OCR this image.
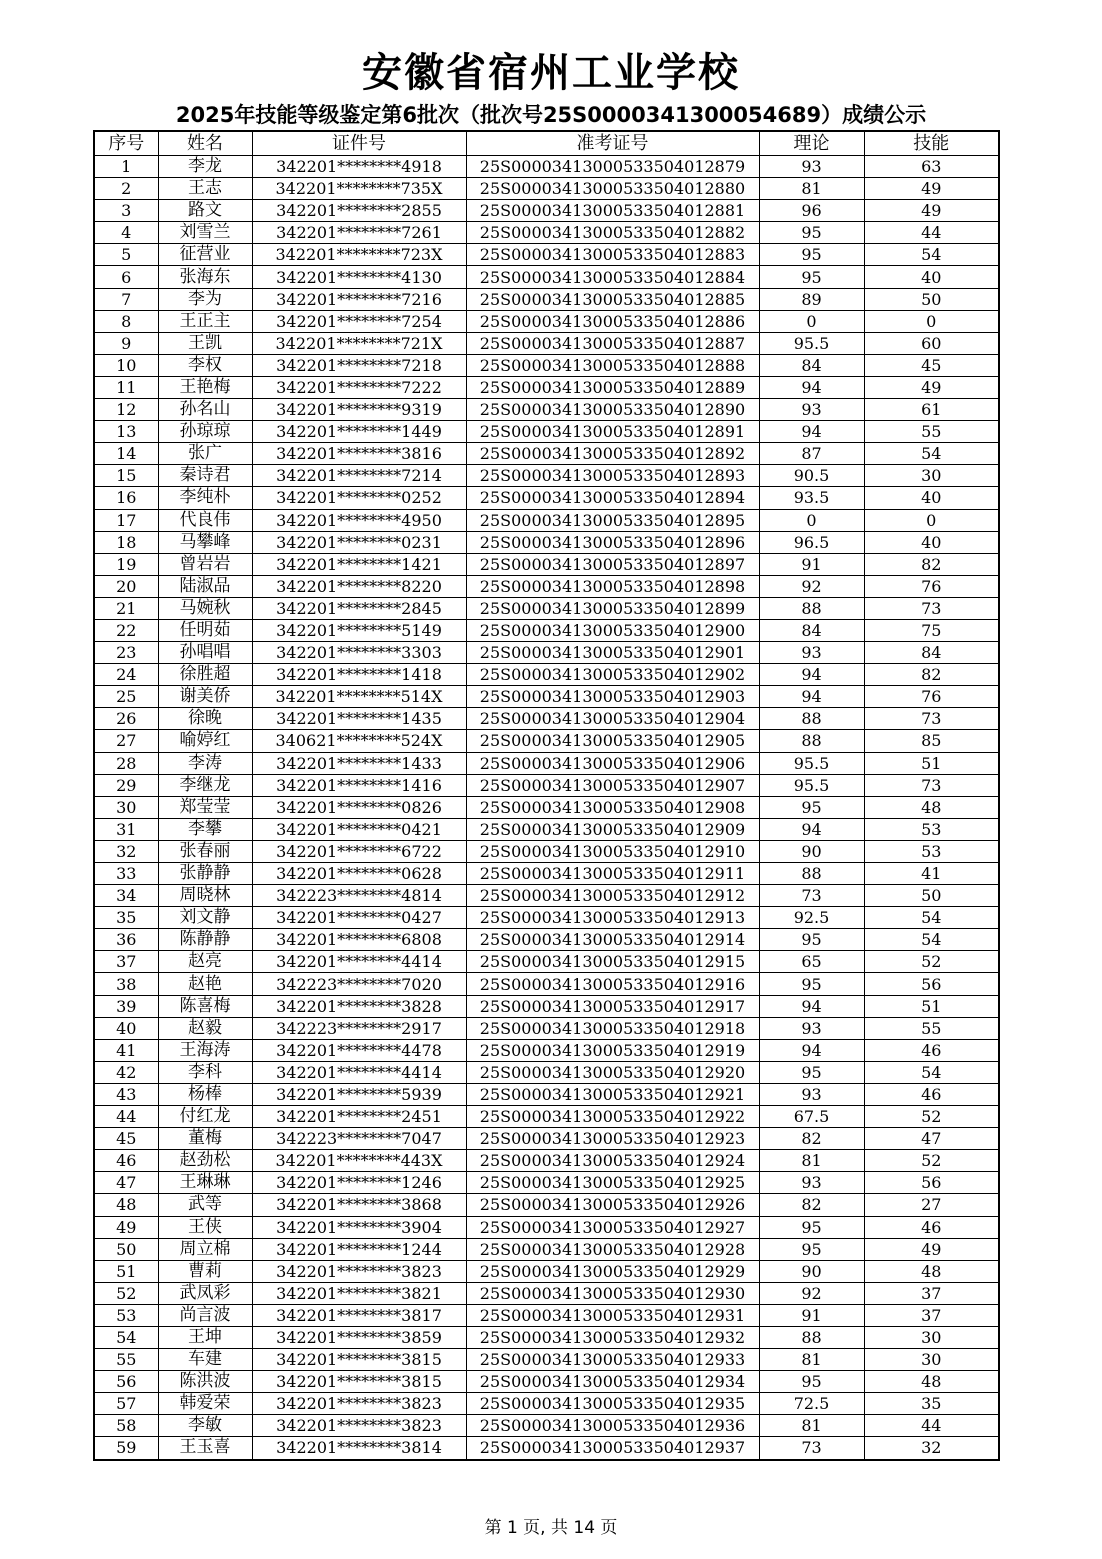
安徽省宿州工业学校
2025年技能等级鉴定第6批次（批次号25S0000341300054689）成绩公示
序号	姓名	证件号	准考证号	理论	技能
1	李龙	342201********4918	25S00003413000533504012879	93	63
2	王志	342201********735X	25S00003413000533504012880	81	49
3	路文	342201********2855	25S00003413000533504012881	96	49
4	刘雪兰	342201********7261	25S00003413000533504012882	95	44
5	征营业	342201********723X	25S00003413000533504012883	95	54
6	张海东	342201********4130	25S00003413000533504012884	95	40
7	李为	342201********7216	25S00003413000533504012885	89	50
8	王正主	342201********7254	25S00003413000533504012886	0	0
9	王凯	342201********721X	25S00003413000533504012887	95.5	60
10	李权	342201********7218	25S00003413000533504012888	84	45
11	王艳梅	342201********7222	25S00003413000533504012889	94	49
12	孙名山	342201********9319	25S00003413000533504012890	93	61
13	孙琼琼	342201********1449	25S00003413000533504012891	94	55
14	张广	342201********3816	25S00003413000533504012892	87	54
15	秦诗君	342201********7214	25S00003413000533504012893	90.5	30
16	李纯朴	342201********0252	25S00003413000533504012894	93.5	40
17	代良伟	342201********4950	25S00003413000533504012895	0	0
18	马攀峰	342201********0231	25S00003413000533504012896	96.5	40
19	曾岩岩	342201********1421	25S00003413000533504012897	91	82
20	陆淑品	342201********8220	25S00003413000533504012898	92	76
21	马婉秋	342201********2845	25S00003413000533504012899	88	73
22	任明茹	342201********5149	25S00003413000533504012900	84	75
23	孙唱唱	342201********3303	25S00003413000533504012901	93	84
24	徐胜超	342201********1418	25S00003413000533504012902	94	82
25	谢美侨	342201********514X	25S00003413000533504012903	94	76
26	徐晚	342201********1435	25S00003413000533504012904	88	73
27	喻婷红	340621********524X	25S00003413000533504012905	88	85
28	李涛	342201********1433	25S00003413000533504012906	95.5	51
29	李继龙	342201********1416	25S00003413000533504012907	95.5	73
30	郑莹莹	342201********0826	25S00003413000533504012908	95	48
31	李攀	342201********0421	25S00003413000533504012909	94	53
32	张春丽	342201********6722	25S00003413000533504012910	90	53
33	张静静	342201********0628	25S00003413000533504012911	88	41
34	周晓林	342223********4814	25S00003413000533504012912	73	50
35	刘文静	342201********0427	25S00003413000533504012913	92.5	54
36	陈静静	342201********6808	25S00003413000533504012914	95	54
37	赵亮	342201********4414	25S00003413000533504012915	65	52
38	赵艳	342223********7020	25S00003413000533504012916	95	56
39	陈喜梅	342201********3828	25S00003413000533504012917	94	51
40	赵毅	342223********2917	25S00003413000533504012918	93	55
41	王海涛	342201********4478	25S00003413000533504012919	94	46
42	李科	342201********4414	25S00003413000533504012920	95	54
43	杨棒	342201********5939	25S00003413000533504012921	93	46
44	付红龙	342201********2451	25S00003413000533504012922	67.5	52
45	董梅	342223********7047	25S00003413000533504012923	82	47
46	赵劲松	342201********443X	25S00003413000533504012924	81	52
47	王琳琳	342201********1246	25S00003413000533504012925	93	56
48	武等	342201********3868	25S00003413000533504012926	82	27
49	王侠	342201********3904	25S00003413000533504012927	95	46
50	周立棉	342201********1244	25S00003413000533504012928	95	49
51	曹莉	342201********3823	25S00003413000533504012929	90	48
52	武凤彩	342201********3821	25S00003413000533504012930	92	37
53	尚言波	342201********3817	25S00003413000533504012931	91	37
54	王坤	342201********3859	25S00003413000533504012932	88	30
55	车建	342201********3815	25S00003413000533504012933	81	30
56	陈洪波	342201********3815	25S00003413000533504012934	95	48
57	韩爱荣	342201********3823	25S00003413000533504012935	72.5	35
58	李敏	342201********3823	25S00003413000533504012936	81	44
59	王玉喜	342201********3814	25S00003413000533504012937	73	32
第 1 页, 共 14 页
